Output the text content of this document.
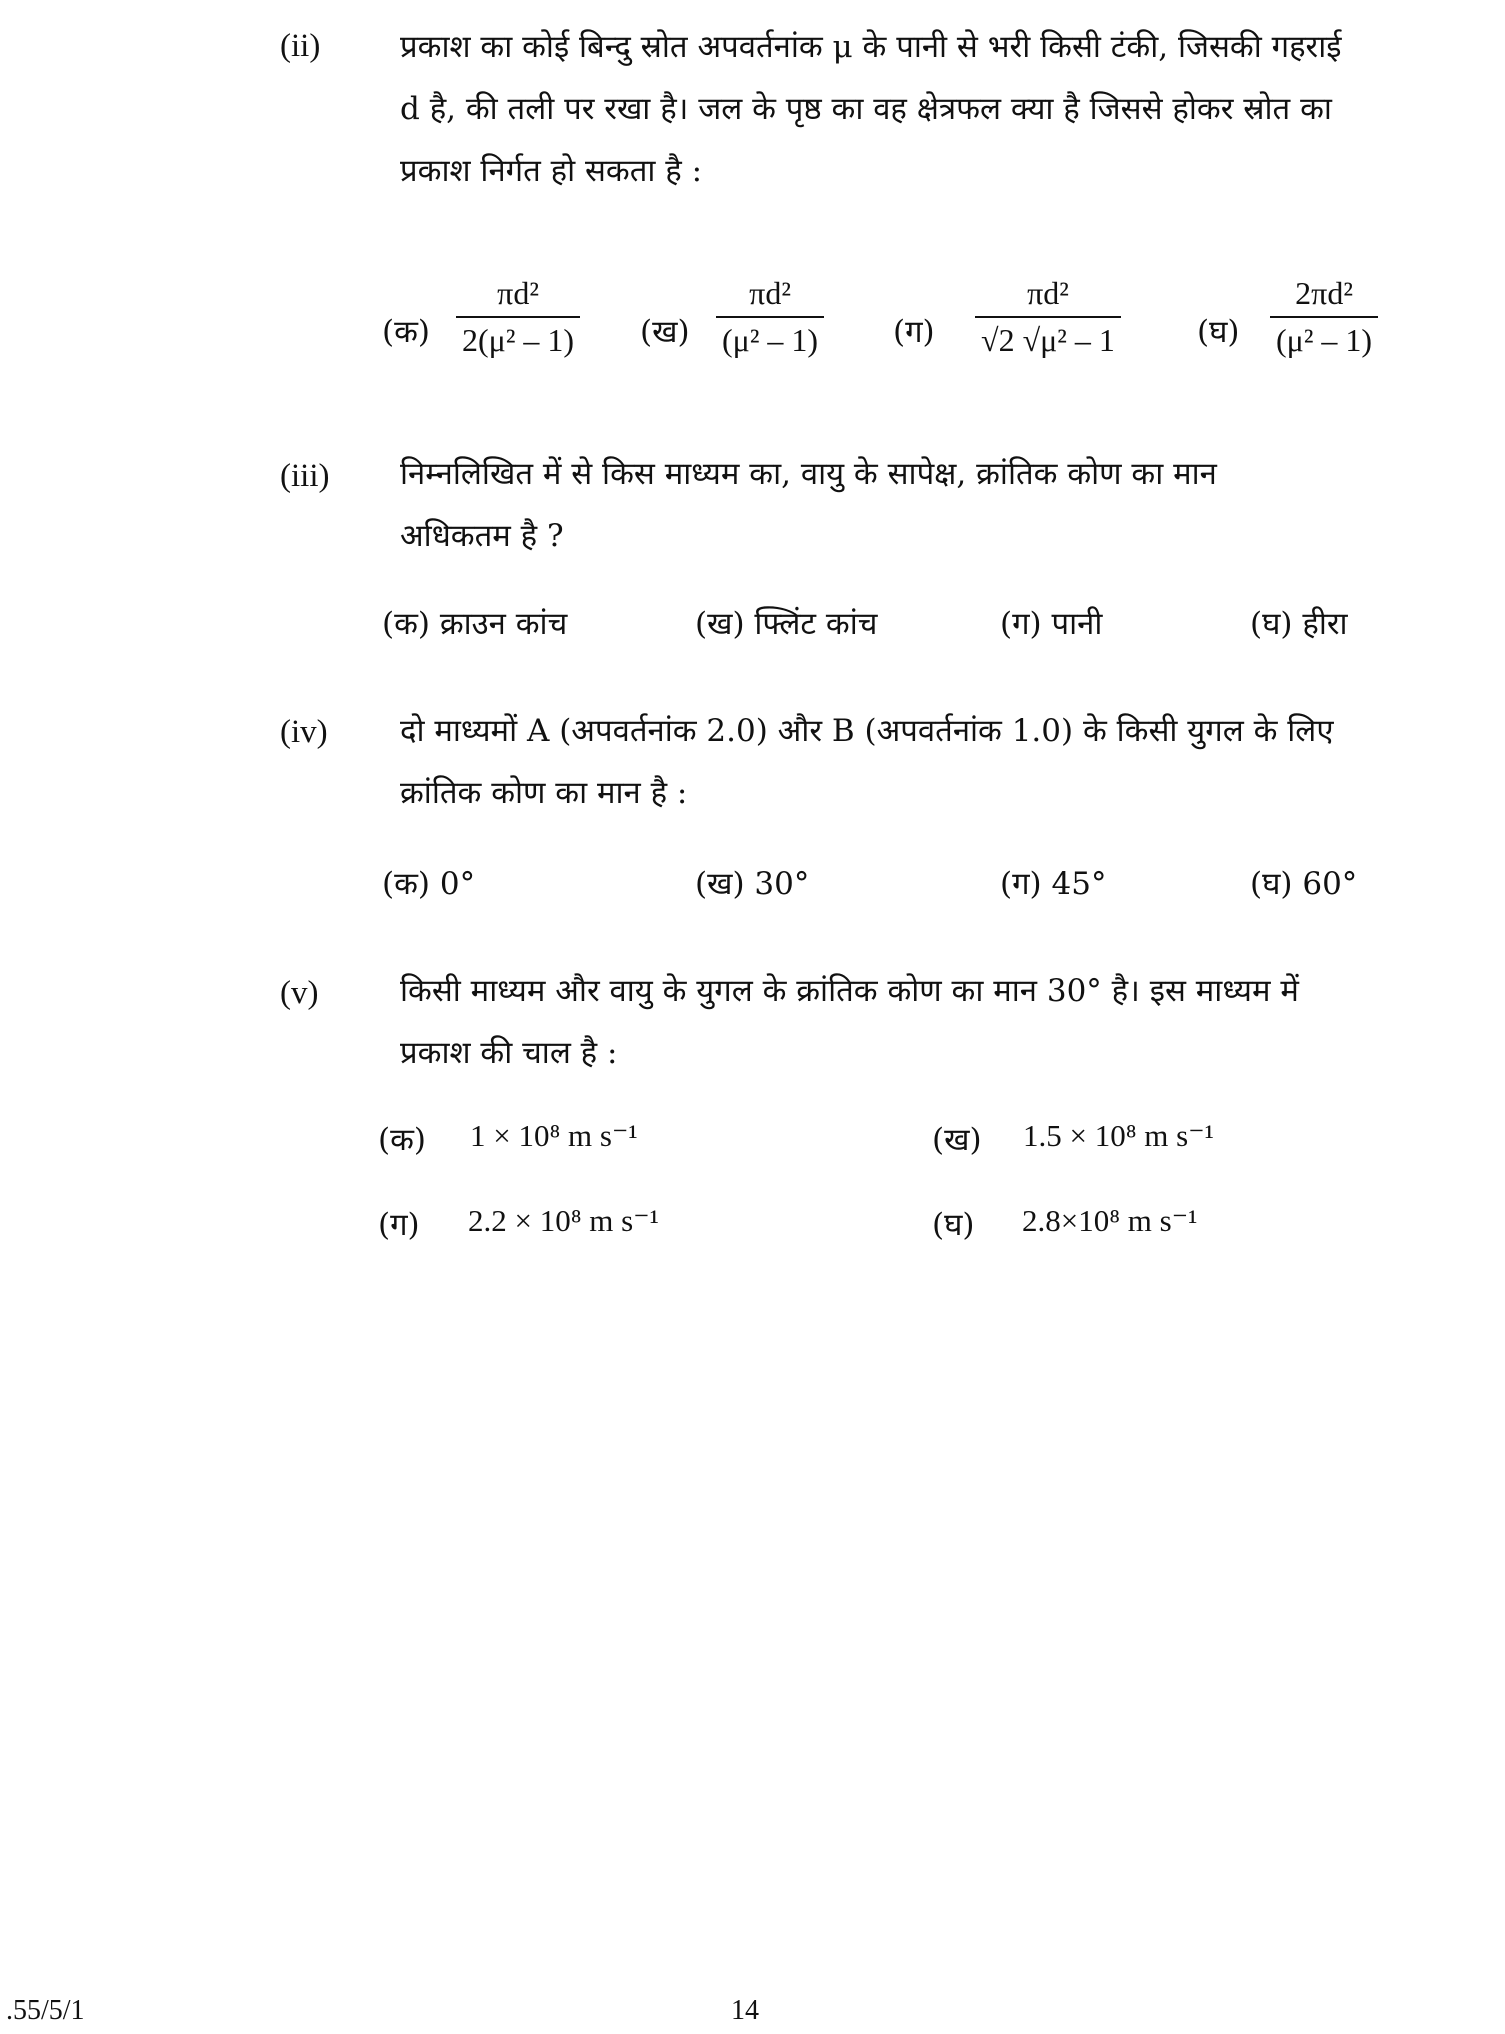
(ii)	प्रकाश का कोई बिन्दु स्रोत अपवर्तनांक μ के पानी से भरी किसी टंकी, जिसकी गहराई
d है, की तली पर रखा है। जल के पृष्ठ का वह क्षेत्रफल क्या है जिससे होकर स्रोत का
प्रकाश निर्गत हो सकता है :
(क) $\frac{\text{πd²}}{\text{2(μ² – 1)}}$ (ख) $\frac{\text{πd²}}{\text{(μ² – 1)}}$ (ग) $\frac{\text{πd²}}{\text{√2 √μ² – 1}}$ (घ) $\frac{\text{2πd²}}{\text{(μ² – 1)}}$
(iii) निम्नलिखित में से किस माध्यम का, वायु के सापेक्ष, क्रांतिक कोण का मान
अधिकतम है ?
(क) क्राउन कांच	(ख) फ्लिंट कांच	(ग) पानी	(घ) हीरा
(iv) दो माध्यमों A (अपवर्तनांक 2.0) और B (अपवर्तनांक 1.0) के किसी युगल के लिए
क्रांतिक कोण का मान है :
(क) 0°	(ख) 30°	(ग) 45°	(घ) 60°
(v)	किसी माध्यम और वायु के युगल के क्रांतिक कोण का मान 30° है। इस माध्यम में
प्रकाश की चाल है :
(क) 1 × 10⁸ m s⁻¹	(ख) 1.5 × 10⁸ m s⁻¹
(ग) 2.2 × 10⁸ m s⁻¹	(घ) 2.8×10⁸ m s⁻¹
.55/5/1	14
